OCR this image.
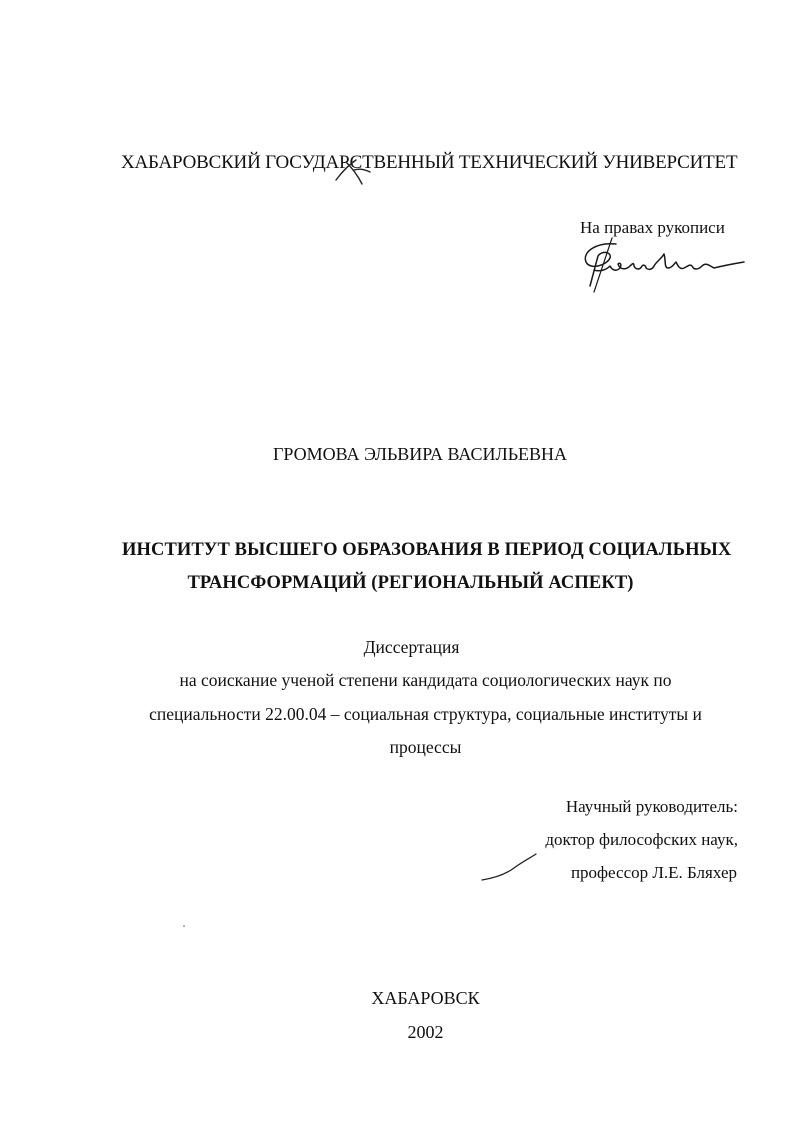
ХАБАРОВСКИЙ ГОСУДАРСТВЕННЫЙ ТЕХНИЧЕСКИЙ УНИВЕРСИТЕТ
На правах рукописи
ГРОМОВА ЭЛЬВИРА ВАСИЛЬЕВНА
ИНСТИТУТ ВЫСШЕГО ОБРАЗОВАНИЯ В ПЕРИОД СОЦИАЛЬНЫХ
ТРАНСФОРМАЦИЙ (РЕГИОНАЛЬНЫЙ АСПЕКТ)
Диссертация
на соискание ученой степени кандидата социологических наук по
специальности 22.00.04 – социальная структура, социальные институты и
процессы
Научный руководитель:
доктор философских наук,
профессор Л.Е. Бляхер
ХАБАРОВСК
2002
